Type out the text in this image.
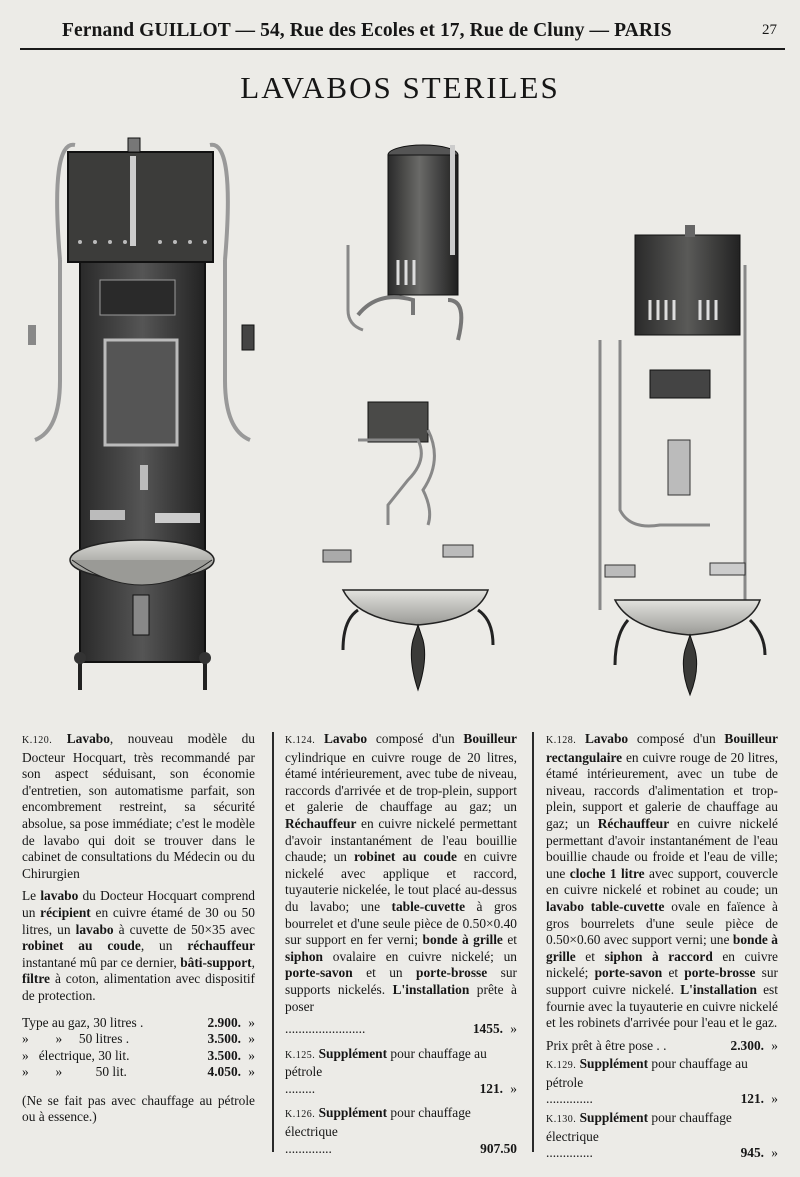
Fernand GUILLOT — 54, Rue des Ecoles et 17, Rue de Cluny — PARIS	27
LAVABOS STERILES

K.120. Lavabo, nouveau modèle du Docteur Hocquart, très recommandé par son aspect séduisant, son économie d'entretien, son automatisme parfait, son encombrement restreint, sa sécurité absolue, sa pose immédiate; c'est le modèle de lavabo qui doit se trouver dans le cabinet de consultations du Médecin ou du Chirurgien

Le lavabo du Docteur Hocquart comprend un récipient en cuivre étamé de 30 ou 50 litres, un lavabo à cuvette de 50×35 avec robinet au coude, un réchauffeur instantané mû par ce dernier, bâti-support, filtre à coton, alimentation avec dispositif de protection.

Type au gaz, 30 litres .	2.900. »
»        »     50 litres .	3.500. »
»   électrique, 30 lit.	3.500. »
»        »          50 lit.	4.050. »

(Ne se fait pas avec chauffage au pétrole ou à essence.)

K.124. Lavabo composé d'un Bouilleur cylindrique en cuivre rouge de 20 litres, étamé intérieurement, avec tube de niveau, raccords d'arrivée et de trop-plein, support et galerie de chauffage au gaz; un Réchauffeur en cuivre nickelé permettant d'avoir instantanément de l'eau bouillie chaude; un robinet au coude en cuivre nickelé avec applique et raccord, tuyauterie nickelée, le tout placé au-dessus du lavabo; une table-cuvette à gros bourrelet et d'une seule pièce de 0.50×0.40 sur support en fer verni; bonde à grille et siphon ovalaire en cuivre nickelé; un porte-savon et un porte-brosse sur supports nickelés. L'installation prête à poser

........................	1455. »
K.125. Supplément pour chauffage au pétrole
.........	121. »
K.126. Supplément pour chauffage électrique
..............	907.50

K.128. Lavabo composé d'un Bouilleur rectangulaire en cuivre rouge de 20 litres, étamé intérieurement, avec un tube de niveau, raccords d'alimentation et trop-plein, support et galerie de chauffage au gaz; un Réchauffeur en cuivre nickelé permettant d'avoir instantanément de l'eau bouillie chaude ou froide et l'eau de ville; une cloche 1 litre avec support, couvercle en cuivre nickelé et robinet au coude; un lavabo table-cuvette ovale en faïence à gros bourrelets d'une seule pièce de 0.50×0.60 avec support verni; une bonde à grille et siphon à raccord en cuivre nickelé; porte-savon et porte-brosse sur support cuivre nickelé. L'installation est fournie avec la tuyauterie en cuivre nickelé et les robinets d'arrivée pour l'eau et le gaz.

Prix prêt à être pose . .	2.300. »
K.129. Supplément pour chauffage au pétrole
..............	121. »
K.130. Supplément pour chauffage électrique
..............	945. »
